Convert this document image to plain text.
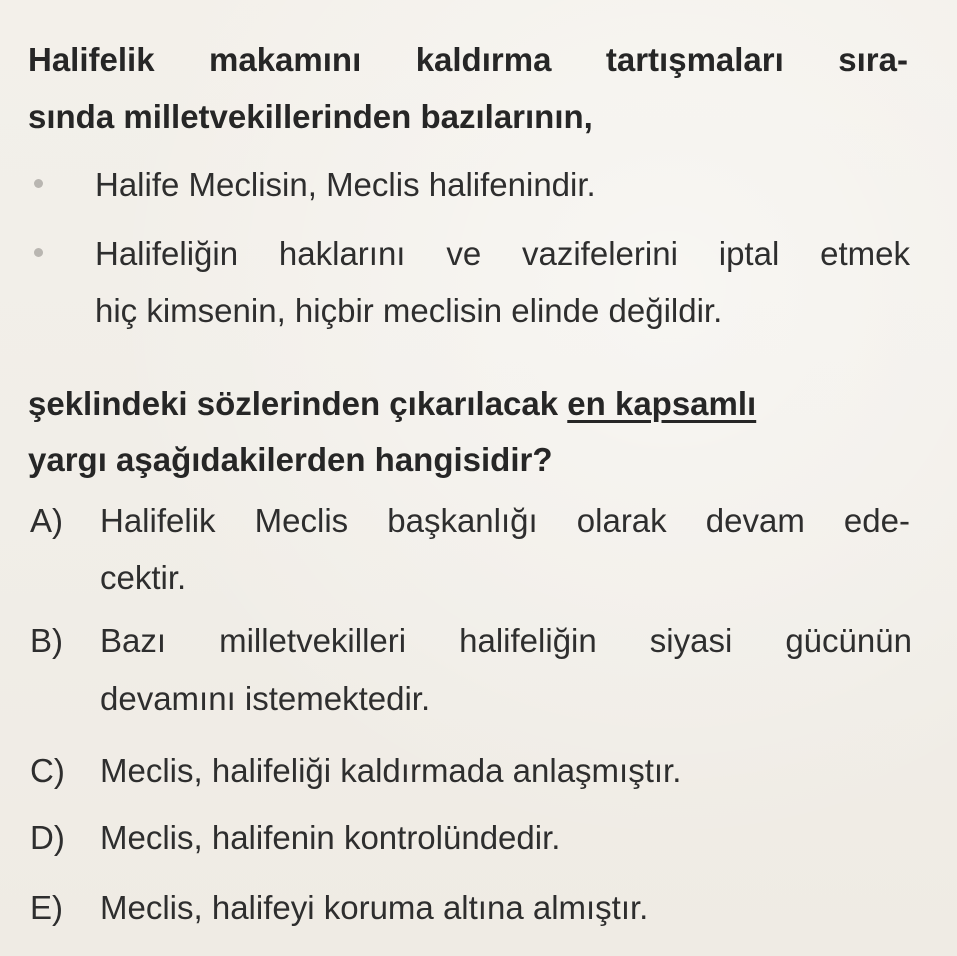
Halifelik makamını kaldırma tartışmaları sıra-
sında milletvekillerinden bazılarının,
Halife Meclisin, Meclis halifenindir.
Halifeliğin haklarını ve vazifelerini iptal etmek
hiç kimsenin, hiçbir meclisin elinde değildir.
şeklindeki sözlerinden çıkarılacak en kapsamlı
yargı aşağıdakilerden hangisidir?
A) Halifelik Meclis başkanlığı olarak devam ede-
cektir.
B) Bazı milletvekilleri halifeliğin siyasi gücünün
devamını istemektedir.
C) Meclis, halifeliği kaldırmada anlaşmıştır.
D) Meclis, halifenin kontrolündedir.
E) Meclis, halifeyi koruma altına almıştır.
